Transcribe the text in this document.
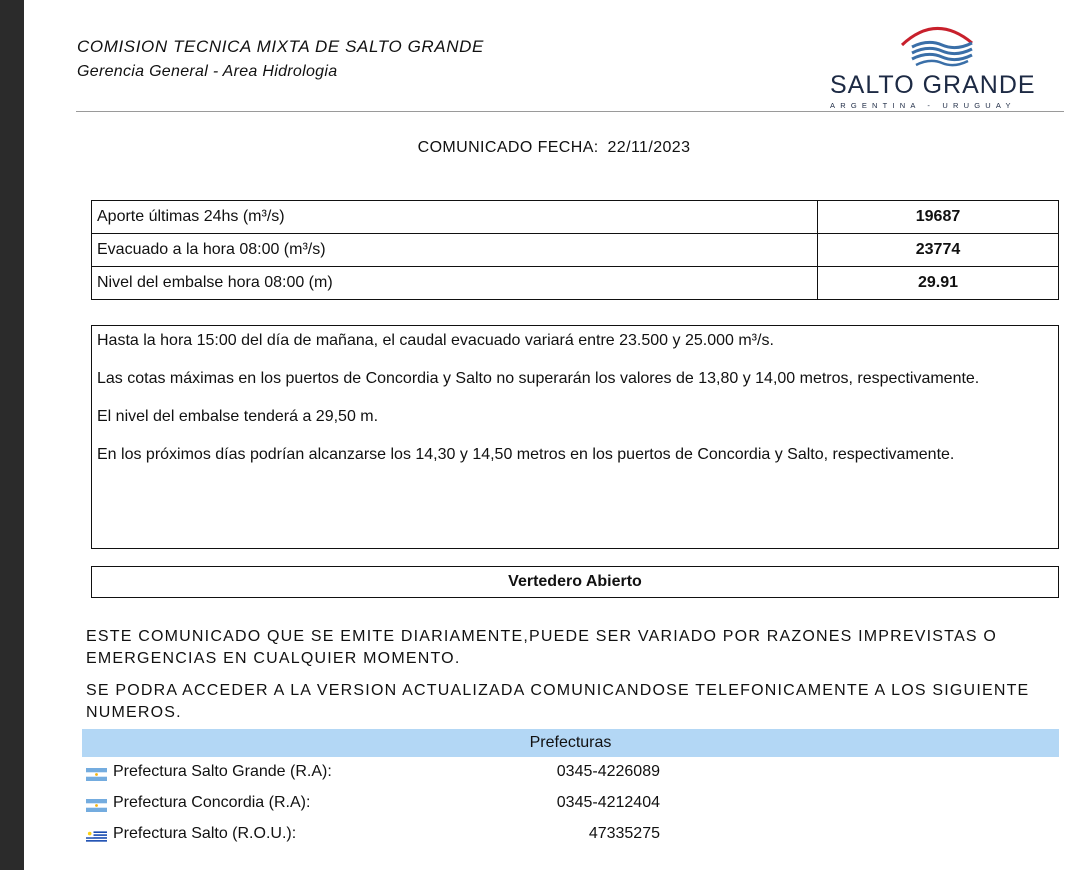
COMISION TECNICA MIXTA DE SALTO GRANDE
Gerencia General - Area Hidrologia	SALTO GRANDE
ARGENTINA - URUGUAY
COMUNICADO FECHA: 22/11/2023
Aporte últimas 24hs (m³/s)	19687
Evacuado a la hora 08:00 (m³/s)	23774
Nivel del embalse hora 08:00 (m)	29.91

Hasta la hora 15:00 del día de mañana, el caudal evacuado variará entre 23.500 y 25.000 m³/s.

Las cotas máximas en los puertos de Concordia y Salto no superarán los valores de 13,80 y 14,00 metros, respectivamente.

El nivel del embalse tenderá a 29,50 m.

En los próximos días podrían alcanzarse los 14,30 y 14,50 metros en los puertos de Concordia y Salto, respectivamente.

Vertedero Abierto
ESTE COMUNICADO QUE SE EMITE DIARIAMENTE,PUEDE SER VARIADO POR RAZONES IMPREVISTAS O EMERGENCIAS EN CUALQUIER MOMENTO.
SE PODRA ACCEDER A LA VERSION ACTUALIZADA COMUNICANDOSE TELEFONICAMENTE A LOS SIGUIENTE NUMEROS.
Prefecturas
Prefectura Salto Grande (R.A):	0345-4226089
Prefectura Concordia (R.A):	0345-4212404
Prefectura Salto (R.O.U.):	47335275
